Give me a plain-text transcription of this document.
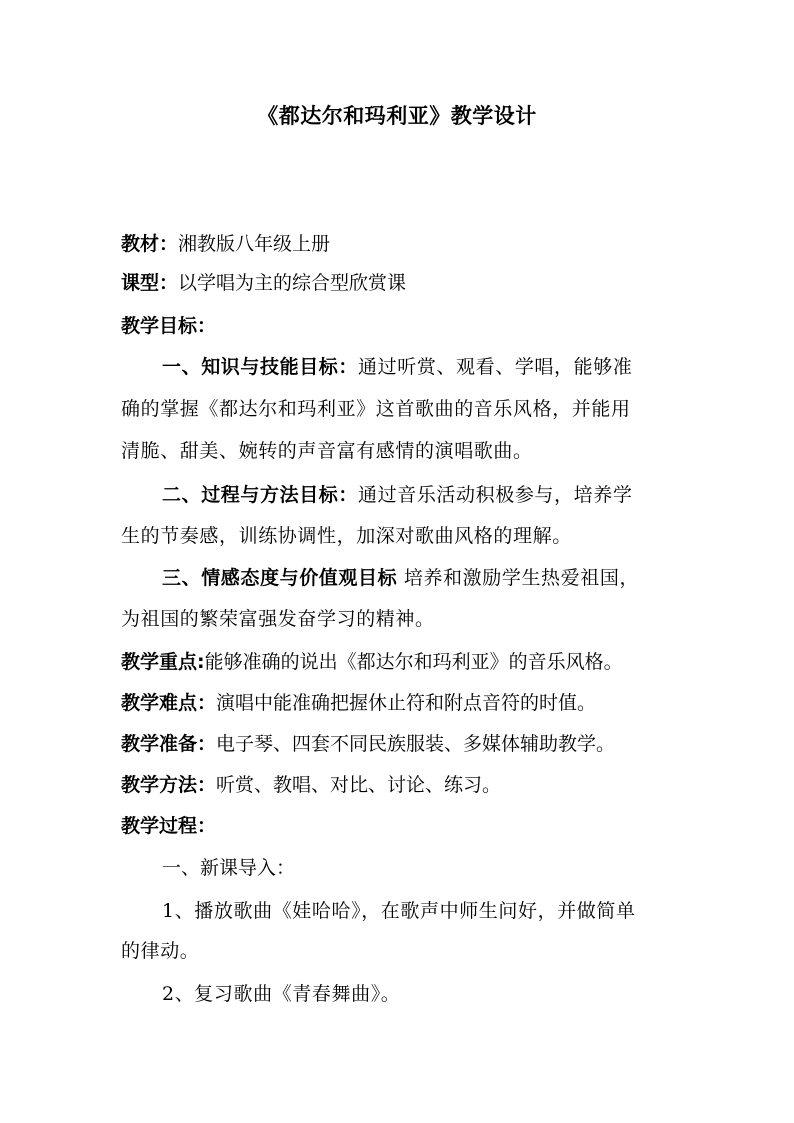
《都达尔和玛利亚》教学设计
教材：湘教版八年级上册
课型：以学唱为主的综合型欣赏课
教学目标：
一、知识与技能目标：通过听赏、观看、学唱，能够准
确的掌握《都达尔和玛利亚》这首歌曲的音乐风格，并能用
清脆、甜美、婉转的声音富有感情的演唱歌曲。
二、过程与方法目标：通过音乐活动积极参与，培养学
生的节奏感，训练协调性，加深对歌曲风格的理解。
三、情感态度与价值观目标 培养和激励学生热爱祖国，
为祖国的繁荣富强发奋学习的精神。
教学重点:能够准确的说出《都达尔和玛利亚》的音乐风格。
教学难点：演唱中能准确把握休止符和附点音符的时值。
教学准备：电子琴、四套不同民族服装、多媒体辅助教学。
教学方法：听赏、教唱、对比、讨论、练习。
教学过程：
一、新课导入：
1、播放歌曲《娃哈哈》，在歌声中师生问好，并做简单
的律动。
2、复习歌曲《青春舞曲》。
